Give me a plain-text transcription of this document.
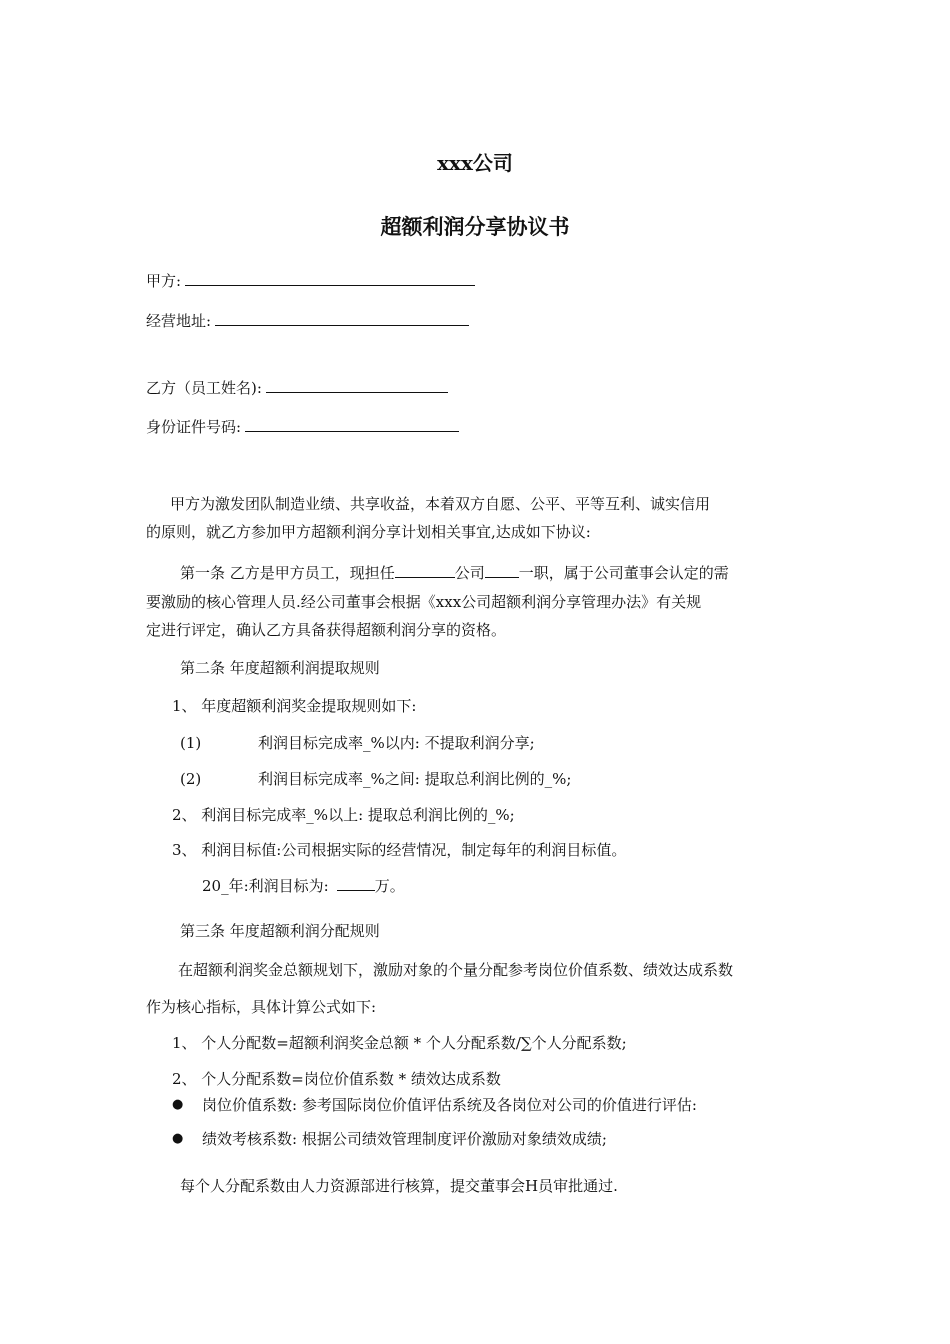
xxx公司
超额利润分享协议书
甲方:
经营地址:
乙方（员工姓名):
身份证件号码:
甲方为激发团队制造业绩、共享收益，本着双方自愿、公平、平等互利、诚实信用
的原则，就乙方参加甲方超额利润分享计划相关事宜,达成如下协议:
第一条 乙方是甲方员工，现担任	公司 一职，属于公司董事会认定的需
要激励的核心管理人员.经公司董事会根据《xxx公司超额利润分享管理办法》有关规
定进行评定，确认乙方具备获得超额利润分享的资格。
第二条 年度超额利润提取规则
1、 年度超额利润奖金提取规则如下:
(1)	利润目标完成率_%以内: 不提取利润分享;
(2)	利润目标完成率_%之间: 提取总利润比例的_%;
2、 利润目标完成率_%以上: 提取总利润比例的_%;
3、 利润目标值:公司根据实际的经营情况，制定每年的利润目标值。
20_年:利润目标为:	万。
第三条 年度超额利润分配规则
在超额利润奖金总额规划下，激励对象的个量分配参考岗位价值系数、绩效达成系数
作为核心指标，具体计算公式如下:
1、 个人分配数=超额利润奖金总额 * 个人分配系数/∑个人分配系数;
2、 个人分配系数=岗位价值系数 * 绩效达成系数
● 岗位价值系数: 参考国际岗位价值评估系统及各岗位对公司的价值进行评估:
● 绩效考核系数: 根据公司绩效管理制度评价激励对象绩效成绩;
每个人分配系数由人力资源部进行核算，提交董事会H员审批通过.
